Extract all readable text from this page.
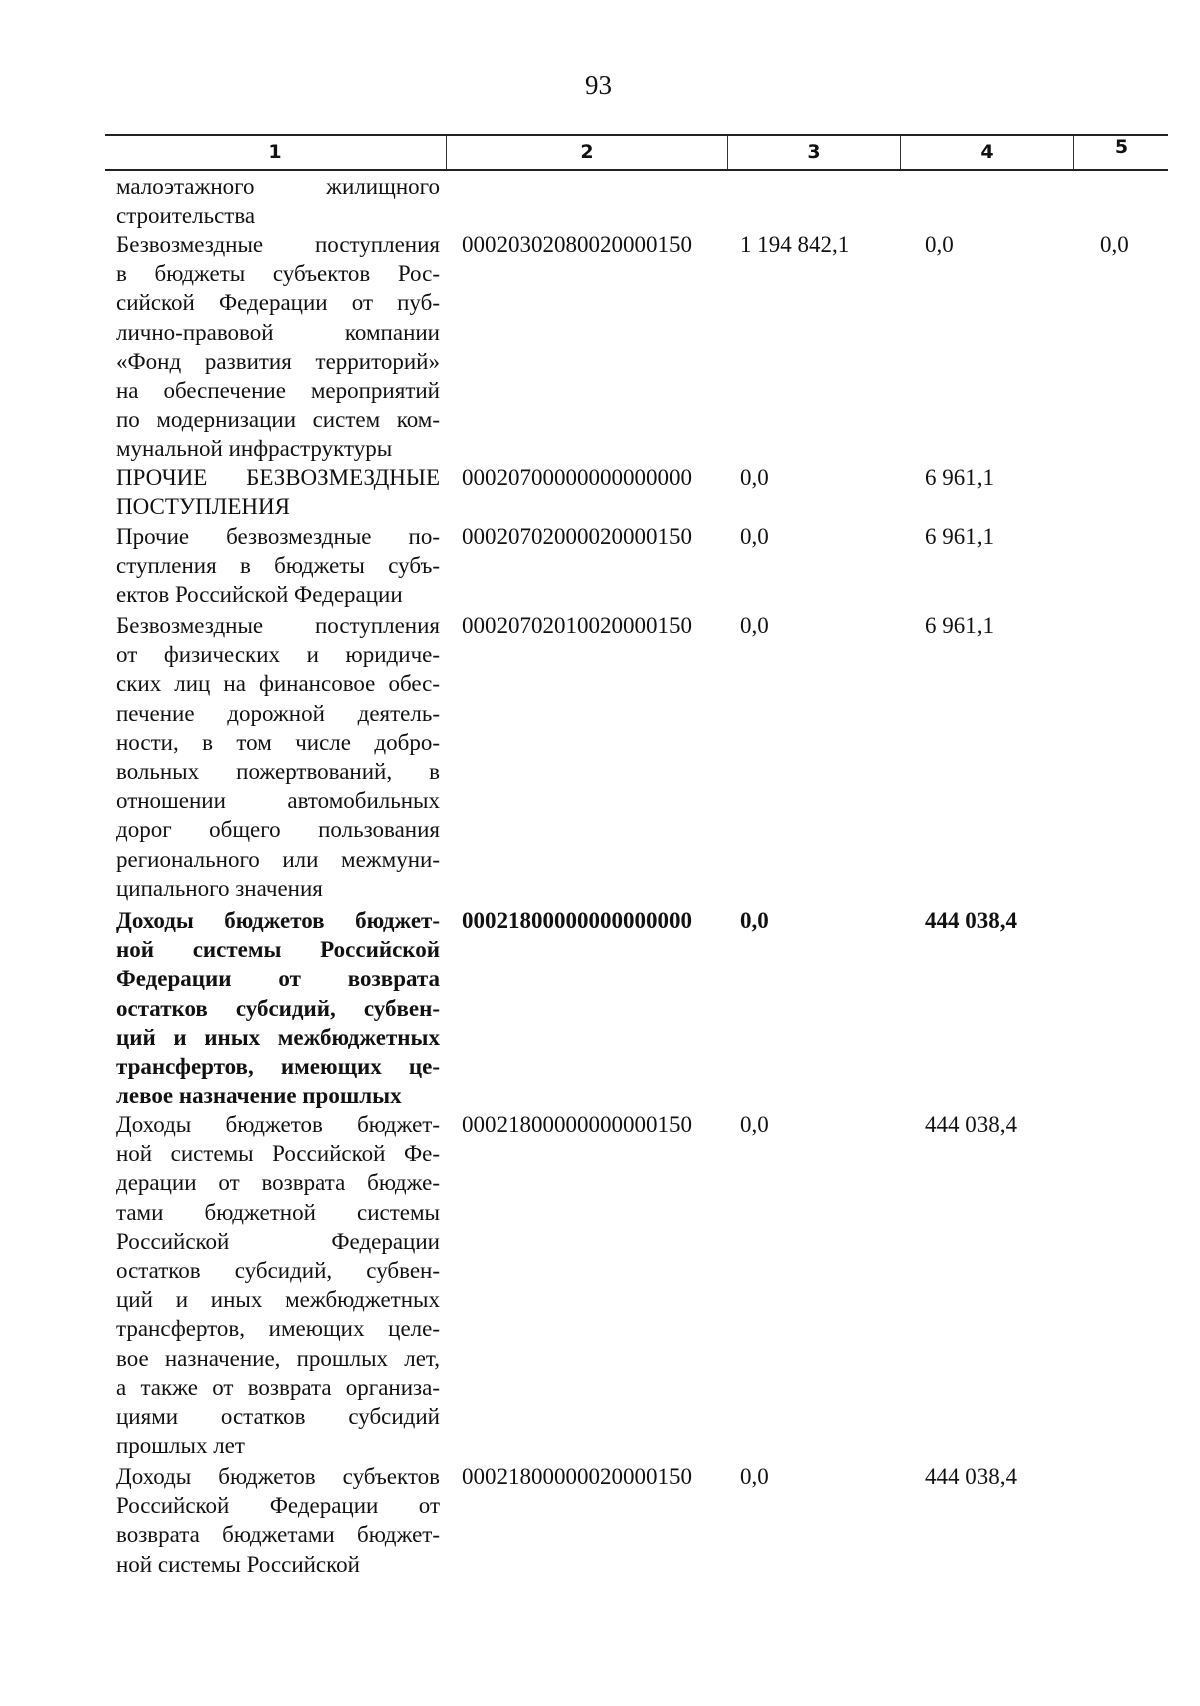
93
1	2	3	4	5
малоэтажного жилищного
строительства
Безвозмездные поступления
в бюджеты субъектов Рос-
сийской Федерации от пуб-
лично-правовой компании
«Фонд развития территорий»
на обеспечение мероприятий
по модернизации систем ком-
мунальной инфраструктуры
00020302080020000150 1 194 842,1	0,0	0,0
ПРОЧИЕ БЕЗВОЗМЕЗДНЫЕ
ПОСТУПЛЕНИЯ
00020700000000000000 0,0	6 961,1
Прочие безвозмездные по-
ступления в бюджеты субъ-
ектов Российской Федерации
00020702000020000150 0,0	6 961,1
Безвозмездные поступления
от физических и юридиче-
ских лиц на финансовое обес-
печение дорожной деятель-
ности, в том числе добро-
вольных пожертвований, в
отношении автомобильных
дорог общего пользования
регионального или межмуни-
ципального значения
00020702010020000150 0,0	6 961,1
Доходы бюджетов бюджет-
ной системы Российской
Федерации от возврата
остатков субсидий, субвен-
ций и иных межбюджетных
трансфертов, имеющих це-
левое назначение прошлых
00021800000000000000 0,0	444 038,4
Доходы бюджетов бюджет-
ной системы Российской Фе-
дерации от возврата бюдже-
тами бюджетной системы
Российской Федерации
остатков субсидий, субвен-
ций и иных межбюджетных
трансфертов, имеющих целе-
вое назначение, прошлых лет,
а также от возврата организа-
циями остатков субсидий
прошлых лет
00021800000000000150 0,0	444 038,4
Доходы бюджетов субъектов
Российской Федерации от
возврата бюджетами бюджет-
ной системы Российской
00021800000020000150 0,0	444 038,4
